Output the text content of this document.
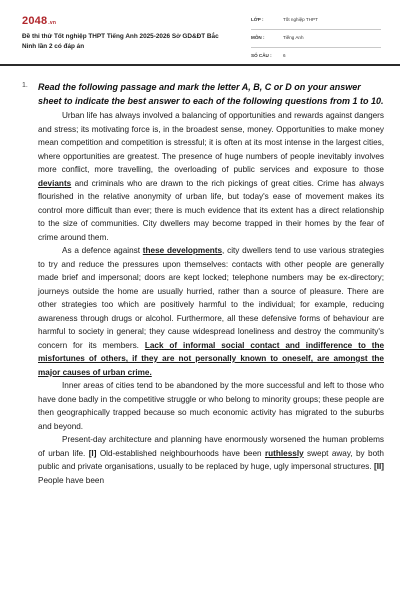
2048.vn
Đề thi thử Tốt nghiệp THPT Tiếng Anh 2025-2026 Sở GD&ĐT Bắc Ninh lần 2 có đáp án
LỚP :	Tốt nghiệp THPT
MÔN :	Tiếng Anh
SỐ CÂU : 6
1. Read the following passage and mark the letter A, B, C or D on your answer sheet to indicate the best answer to each of the following questions from 1 to 10.

Urban life has always involved a balancing of opportunities and rewards against dangers and stress; its motivating force is, in the broadest sense, money. Opportunities to make money mean competition and competition is stressful; it is often at its most intense in the largest cities, where opportunities are greatest. The presence of huge numbers of people inevitably involves more conflict, more travelling, the overloading of public services and exposure to those deviants and criminals who are drawn to the rich pickings of great cities. Crime has always flourished in the relative anonymity of urban life, but today's ease of movement makes its control more difficult than ever; there is much evidence that its extent has a direct relationship to the size of communities. City dwellers may become trapped in their homes by the fear of crime around them.

As a defence against these developments, city dwellers tend to use various strategies to try and reduce the pressures upon themselves: contacts with other people are generally made brief and impersonal; doors are kept locked; telephone numbers may be ex-directory; journeys outside the home are usually hurried, rather than a source of pleasure. There are other strategies too which are positively harmful to the individual; for example, reducing awareness through drugs or alcohol. Furthermore, all these defensive forms of behaviour are harmful to society in general; they cause widespread loneliness and destroy the community's concern for its members. Lack of informal social contact and indifference to the misfortunes of others, if they are not personally known to oneself, are amongst the major causes of urban crime.

Inner areas of cities tend to be abandoned by the more successful and left to those who have done badly in the competitive struggle or who belong to minority groups; these people are then geographically trapped because so much economic activity has migrated to the suburbs and beyond.

Present-day architecture and planning have enormously worsened the human problems of urban life. [I] Old-established neighbourhoods have been ruthlessly swept away, by both public and private organisations, usually to be replaced by huge, ugly impersonal structures. [II] People have been
